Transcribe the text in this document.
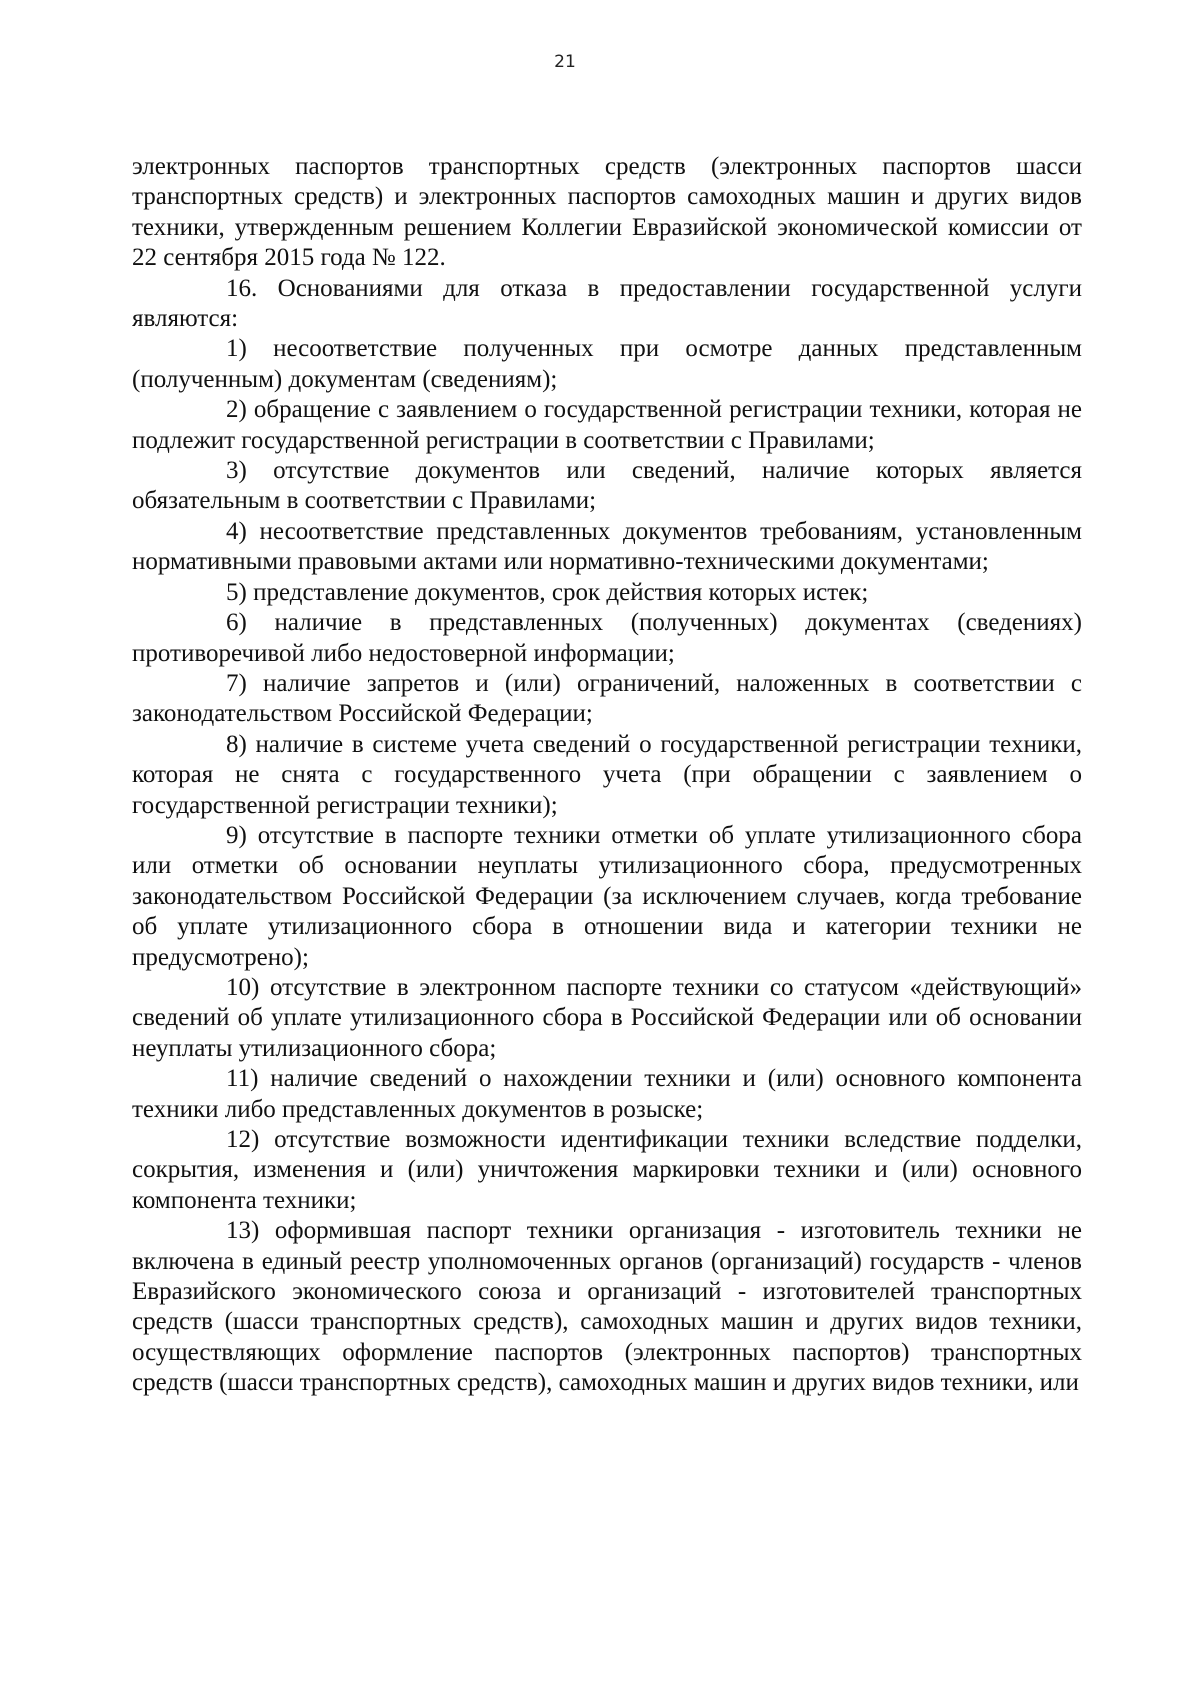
21

электронных паспортов транспортных средств (электронных паспортов шасси транспортных средств) и электронных паспортов самоходных машин и других видов техники, утвержденным решением Коллегии Евразийской экономической комиссии от 22 сентября 2015 года № 122.

16. Основаниями для отказа в предоставлении государственной услуги являются:

1) несоответствие полученных при осмотре данных представленным (полученным) документам (сведениям);

2) обращение с заявлением о государственной регистрации техники, которая не подлежит государственной регистрации в соответствии с Правилами;

3) отсутствие документов или сведений, наличие которых является обязательным в соответствии с Правилами;

4) несоответствие представленных документов требованиям, установленным нормативными правовыми актами или нормативно-техническими документами;

5) представление документов, срок действия которых истек;

6) наличие в представленных (полученных) документах (сведениях) противоречивой либо недостоверной информации;

7) наличие запретов и (или) ограничений, наложенных в соответствии с законодательством Российской Федерации;

8) наличие в системе учета сведений о государственной регистрации техники, которая не снята с государственного учета (при обращении с заявлением о государственной регистрации техники);

9) отсутствие в паспорте техники отметки об уплате утилизационного сбора или отметки об основании неуплаты утилизационного сбора, предусмотренных законодательством Российской Федерации (за исключением случаев, когда требование об уплате утилизационного сбора в отношении вида и категории техники не предусмотрено);

10) отсутствие в электронном паспорте техники со статусом «действующий» сведений об уплате утилизационного сбора в Российской Федерации или об основании неуплаты утилизационного сбора;

11) наличие сведений о нахождении техники и (или) основного компонента техники либо представленных документов в розыске;

12) отсутствие возможности идентификации техники вследствие подделки, сокрытия, изменения и (или) уничтожения маркировки техники и (или) основного компонента техники;

13) оформившая паспорт техники организация - изготовитель техники не включена в единый реестр уполномоченных органов (организаций) государств - членов Евразийского экономического союза и организаций - изготовителей транспортных средств (шасси транспортных средств), самоходных машин и других видов техники, осуществляющих оформление паспортов (электронных паспортов) транспортных средств (шасси транспортных средств), самоходных машин и других видов техники, или
